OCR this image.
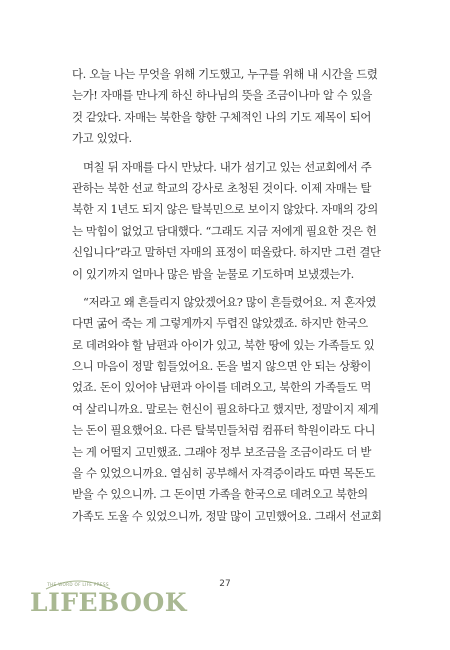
다. 오늘 나는 무엇을 위해 기도했고, 누구를 위해 내 시간을 드렸
는가! 자매를 만나게 하신 하나님의 뜻을 조금이나마 알 수 있을
것 같았다. 자매는 북한을 향한 구체적인 나의 기도 제목이 되어
가고 있었다.
며칠 뒤 자매를 다시 만났다. 내가 섬기고 있는 선교회에서 주
관하는 북한 선교 학교의 강사로 초청된 것이다. 이제 자매는 탈
북한 지 1년도 되지 않은 탈북민으로 보이지 않았다. 자매의 강의
는 막힘이 없었고 담대했다. “그래도 지금 저에게 필요한 것은 헌
신입니다”라고 말하던 자매의 표정이 떠올랐다. 하지만 그런 결단
이 있기까지 얼마나 많은 밤을 눈물로 기도하며 보냈겠는가.
“저라고 왜 흔들리지 않았겠어요? 많이 흔들렸어요. 저 혼자였
다면 굶어 죽는 게 그렇게까지 두렵진 않았겠죠. 하지만 한국으
로 데려와야 할 남편과 아이가 있고, 북한 땅에 있는 가족들도 있
으니 마음이 정말 힘들었어요. 돈을 벌지 않으면 안 되는 상황이
었죠. 돈이 있어야 남편과 아이를 데려오고, 북한의 가족들도 먹
여 살리니까요. 말로는 헌신이 필요하다고 했지만, 정말이지 제게
는 돈이 필요했어요. 다른 탈북민들처럼 컴퓨터 학원이라도 다니
는 게 어떨지 고민했죠. 그래야 정부 보조금을 조금이라도 더 받
을 수 있었으니까요. 열심히 공부해서 자격증이라도 따면 목돈도
받을 수 있으니까. 그 돈이면 가족을 한국으로 데려오고 북한의
가족도 도울 수 있었으니까, 정말 많이 고민했어요. 그래서 선교회
THE WORD OF LIFE PRESS
LIFEBOOK
27
